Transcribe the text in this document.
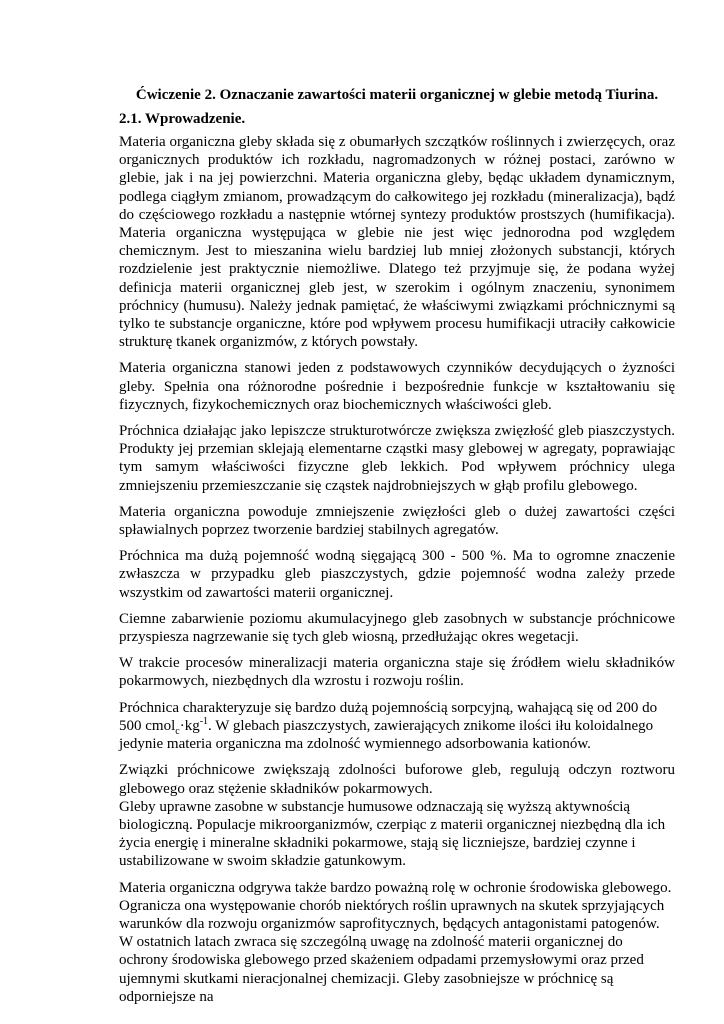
Ćwiczenie 2. Oznaczanie zawartości materii organicznej w glebie metodą Tiurina.
2.1. Wprowadzenie.

Materia organiczna gleby składa się z obumarłych szczątków roślinnych i zwierzęcych, oraz organicznych produktów ich rozkładu, nagromadzonych w różnej postaci, zarówno w glebie, jak i na jej powierzchni. Materia organiczna gleby, będąc układem dynamicznym, podlega ciągłym zmianom, prowadzącym do całkowitego jej rozkładu (mineralizacja), bądź do częściowego rozkładu a następnie wtórnej syntezy produktów prostszych (humifikacja). Materia organiczna występująca w glebie nie jest więc jednorodna pod względem chemicznym. Jest to mieszanina wielu bardziej lub mniej złożonych substancji, których rozdzielenie jest praktycznie niemożliwe. Dlatego też przyjmuje się, że podana wyżej definicja materii organicznej gleb jest, w szerokim i ogólnym znaczeniu, synonimem próchnicy (humusu). Należy jednak pamiętać, że właściwymi związkami próchnicznymi są tylko te substancje organiczne, które pod wpływem procesu humifikacji utraciły całkowicie strukturę tkanek organizmów, z których powstały.

Materia organiczna stanowi jeden z podstawowych czynników decydujących o żyzności gleby. Spełnia ona różnorodne pośrednie i bezpośrednie funkcje w kształtowaniu się fizycznych, fizykochemicznych oraz biochemicznych właściwości gleb.

Próchnica działając jako lepiszcze strukturotwórcze zwiększa zwięzłość gleb piaszczystych. Produkty jej przemian sklejają elementarne cząstki masy glebowej w agregaty, poprawiając tym samym właściwości fizyczne gleb lekkich. Pod wpływem próchnicy ulega zmniejszeniu przemieszczanie się cząstek najdrobniejszych w głąb profilu glebowego.

Materia organiczna powoduje zmniejszenie zwięzłości gleb o dużej zawartości części spławialnych poprzez tworzenie bardziej stabilnych agregatów.

Próchnica ma dużą pojemność wodną sięgającą 300 - 500 %. Ma to ogromne znaczenie zwłaszcza w przypadku gleb piaszczystych, gdzie pojemność wodna zależy przede wszystkim od zawartości materii organicznej.

Ciemne zabarwienie poziomu akumulacyjnego gleb zasobnych w substancje próchnicowe przyspiesza nagrzewanie się tych gleb wiosną, przedłużając okres wegetacji.

W trakcie procesów mineralizacji materia organiczna staje się źródłem wielu składników pokarmowych, niezbędnych dla wzrostu i rozwoju roślin.

Próchnica charakteryzuje się bardzo dużą pojemnością sorpcyjną, wahającą się od 200 do 500 $cmol_c\cdot kg^{-1}$. W glebach piaszczystych, zawierających znikome ilości iłu koloidalnego jedynie materia organiczna ma zdolność wymiennego adsorbowania kationów.

Związki próchnicowe zwiększają zdolności buforowe gleb, regulują odczyn roztworu glebowego oraz stężenie składników pokarmowych.

Gleby uprawne zasobne w substancje humusowe odznaczają się wyższą aktywnością biologiczną. Populacje mikroorganizmów, czerpiąc z materii organicznej niezbędną dla ich życia energię i mineralne składniki pokarmowe, stają się liczniejsze, bardziej czynne i ustabilizowane w swoim składzie gatunkowym.

Materia organiczna odgrywa także bardzo poważną rolę w ochronie środowiska glebowego. Ogranicza ona występowanie chorób niektórych roślin uprawnych na skutek sprzyjających warunków dla rozwoju organizmów saprofitycznych, będących antagonistami patogenów. W ostatnich latach zwraca się szczególną uwagę na zdolność materii organicznej do ochrony środowiska glebowego przed skażeniem odpadami przemysłowymi oraz przed ujemnymi skutkami nieracjonalnej chemizacji. Gleby zasobniejsze w próchnicę są odporniejsze na
